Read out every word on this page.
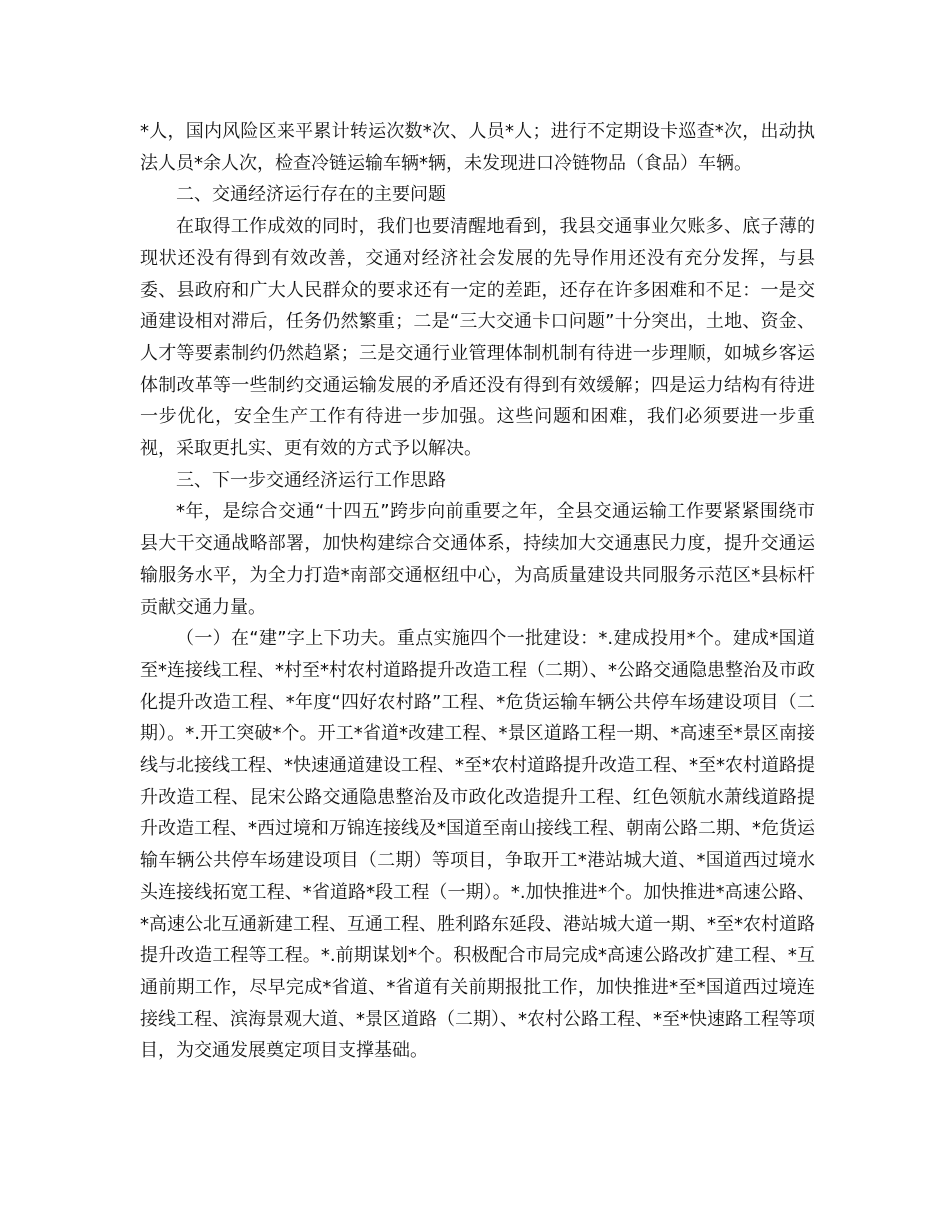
*人，国内风险区来平累计转运次数*次、人员*人；进行不定期设卡巡查*次，出动执法人员*余人次，检查冷链运输车辆*辆，未发现进口冷链物品（食品）车辆。

二、交通经济运行存在的主要问题

在取得工作成效的同时，我们也要清醒地看到，我县交通事业欠账多、底子薄的现状还没有得到有效改善，交通对经济社会发展的先导作用还没有充分发挥，与县委、县政府和广大人民群众的要求还有一定的差距，还存在许多困难和不足：一是交通建设相对滞后，任务仍然繁重；二是“三大交通卡口问题”十分突出，土地、资金、人才等要素制约仍然趋紧；三是交通行业管理体制机制有待进一步理顺，如城乡客运体制改革等一些制约交通运输发展的矛盾还没有得到有效缓解；四是运力结构有待进一步优化，安全生产工作有待进一步加强。这些问题和困难，我们必须要进一步重视，采取更扎实、更有效的方式予以解决。

三、下一步交通经济运行工作思路

*年，是综合交通“十四五”跨步向前重要之年，全县交通运输工作要紧紧围绕市县大干交通战略部署，加快构建综合交通体系，持续加大交通惠民力度，提升交通运输服务水平，为全力打造*南部交通枢纽中心，为高质量建设共同服务示范区*县标杆贡献交通力量。

（一）在“建”字上下功夫。重点实施四个一批建设：*.建成投用*个。建成*国道至*连接线工程、*村至*村农村道路提升改造工程（二期）、*公路交通隐患整治及市政化提升改造工程、*年度“四好农村路”工程、*危货运输车辆公共停车场建设项目（二期）。*.开工突破*个。开工*省道*改建工程、*景区道路工程一期、*高速至*景区南接线与北接线工程、*快速通道建设工程、*至*农村道路提升改造工程、*至*农村道路提升改造工程、昆宋公路交通隐患整治及市政化改造提升工程、红色领航水萧线道路提升改造工程、*西过境和万锦连接线及*国道至南山接线工程、朝南公路二期、*危货运输车辆公共停车场建设项目（二期）等项目，争取开工*港站城大道、*国道西过境水头连接线拓宽工程、*省道路*段工程（一期）。*.加快推进*个。加快推进*高速公路、*高速公北互通新建工程、互通工程、胜利路东延段、港站城大道一期、*至*农村道路提升改造工程等工程。*.前期谋划*个。积极配合市局完成*高速公路改扩建工程、*互通前期工作，尽早完成*省道、*省道有关前期报批工作，加快推进*至*国道西过境连接线工程、滨海景观大道、*景区道路（二期）、*农村公路工程、*至*快速路工程等项目，为交通发展奠定项目支撑基础。
